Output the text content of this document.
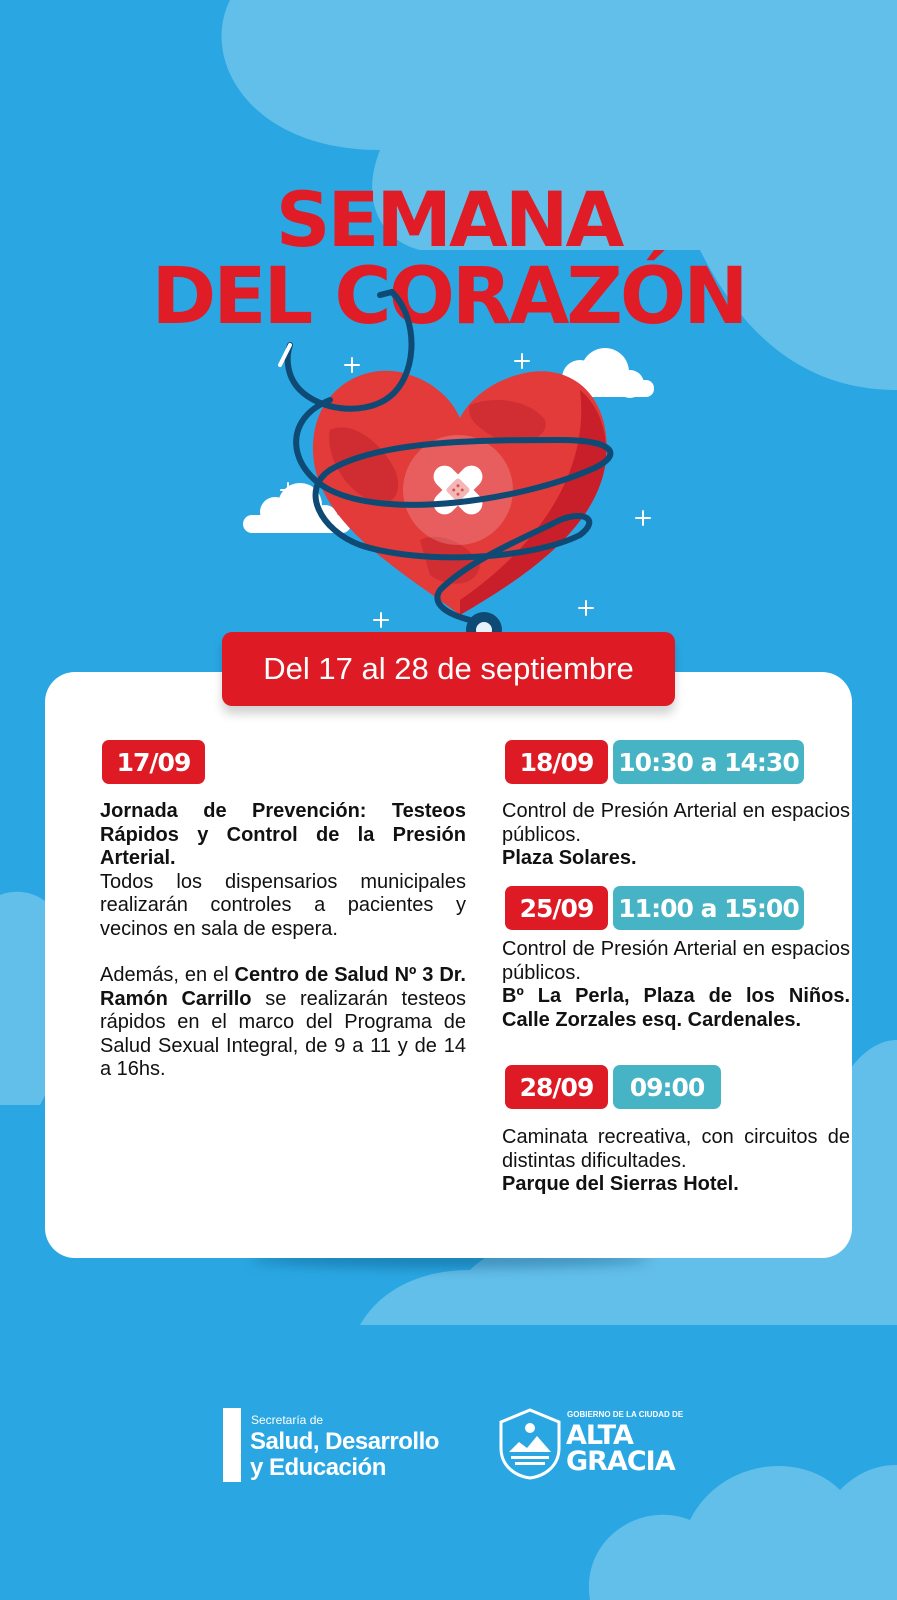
SEMANA
DEL CORAZÓN
Del 17 al 28 de septiembre
17/09

Jornada de Prevención: Testeos Rápidos y Control de la Presión Arterial.
Todos los dispensarios municipales realizarán controles a pacientes y vecinos en sala de espera.
Además, en el Centro de Salud Nº 3 Dr. Ramón Carrillo se realizarán testeos rápidos en el marco del Programa de Salud Sexual Integral, de 9 a 11 y de 14 a 16hs.

18/09 10:30 a 14:30

Control de Presión Arterial en espacios públicos.
Plaza Solares.

25/09 11:00 a 15:00

Control de Presión Arterial en espacios públicos.
Bº La Perla, Plaza de los Niños. Calle Zorzales esq. Cardenales.

28/09	09:00

Caminata recreativa, con circuitos de distintas dificultades.
Parque del Sierras Hotel.

Secretaría de
Salud, Desarrollo
y Educación
GOBIERNO DE LA CIUDAD DE
ALTA
GRACIA
